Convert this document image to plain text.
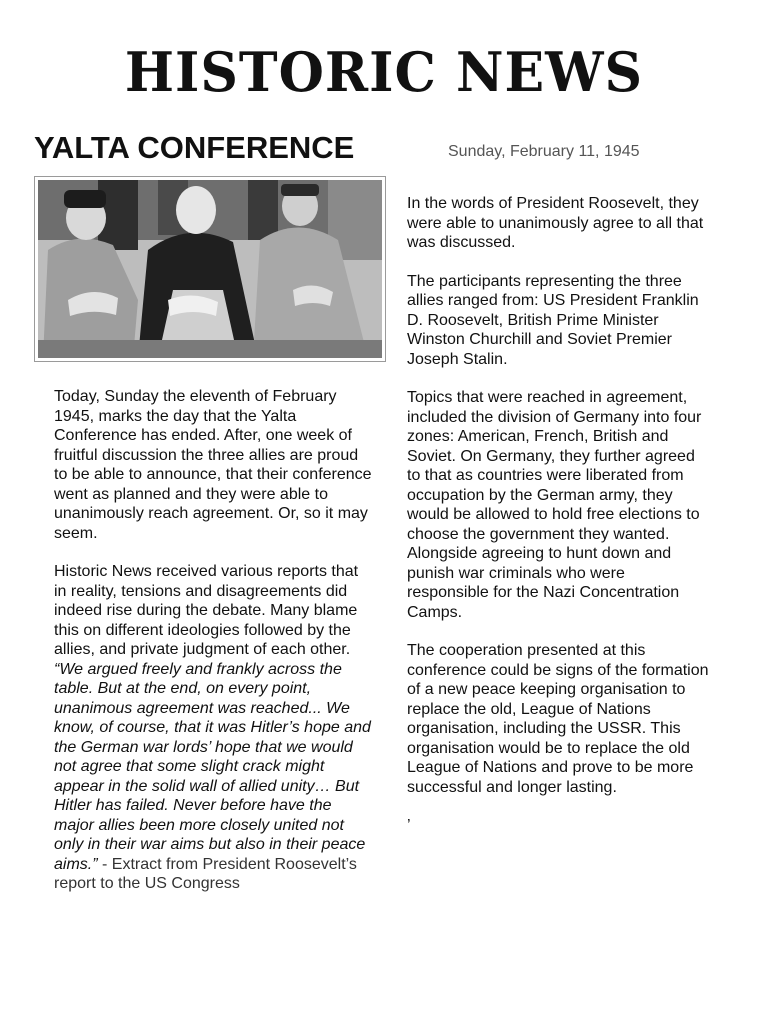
HISTORIC NEWS
YALTA CONFERENCE	Sunday, February 11, 1945

Today, Sunday the eleventh of February 1945, marks the day that the Yalta Conference has ended. After, one week of fruitful discussion the three allies are proud to be able to announce, that their conference went as planned and they were able to unanimously reach agreement. Or, so it may seem.

Historic News received various reports that in reality, tensions and disagreements did indeed rise during the debate. Many blame this on different ideologies followed by the allies, and private judgment of each other.
“We argued freely and frankly across the table. But at the end, on every point, unanimous agreement was reached... We know, of course, that it was Hitler’s hope and the German war lords’ hope that we would not agree that some slight crack might appear in the solid wall of allied unity… But Hitler has failed. Never before have the major allies been more closely united not only in their war aims but also in their peace aims.” - Extract from President Roosevelt’s report to the US Congress

In the words of President Roosevelt, they were able to unanimously agree to all that was discussed.

The participants representing the three allies ranged from: US President Franklin D. Roosevelt, British Prime Minister Winston Churchill and Soviet Premier Joseph Stalin.

Topics that were reached in agreement, included the division of Germany into four zones: American, French, British and Soviet. On Germany, they further agreed to that as countries were liberated from occupation by the German army, they would be allowed to hold free elections to choose the government they wanted. Alongside agreeing to hunt down and punish war criminals who were responsible for the Nazi Concentration Camps.

The cooperation presented at this conference could be signs of the formation of a new peace keeping organisation to replace the old, League of Nations organisation, including the USSR. This organisation would be to replace the old League of Nations and prove to be more successful and longer lasting.

’
